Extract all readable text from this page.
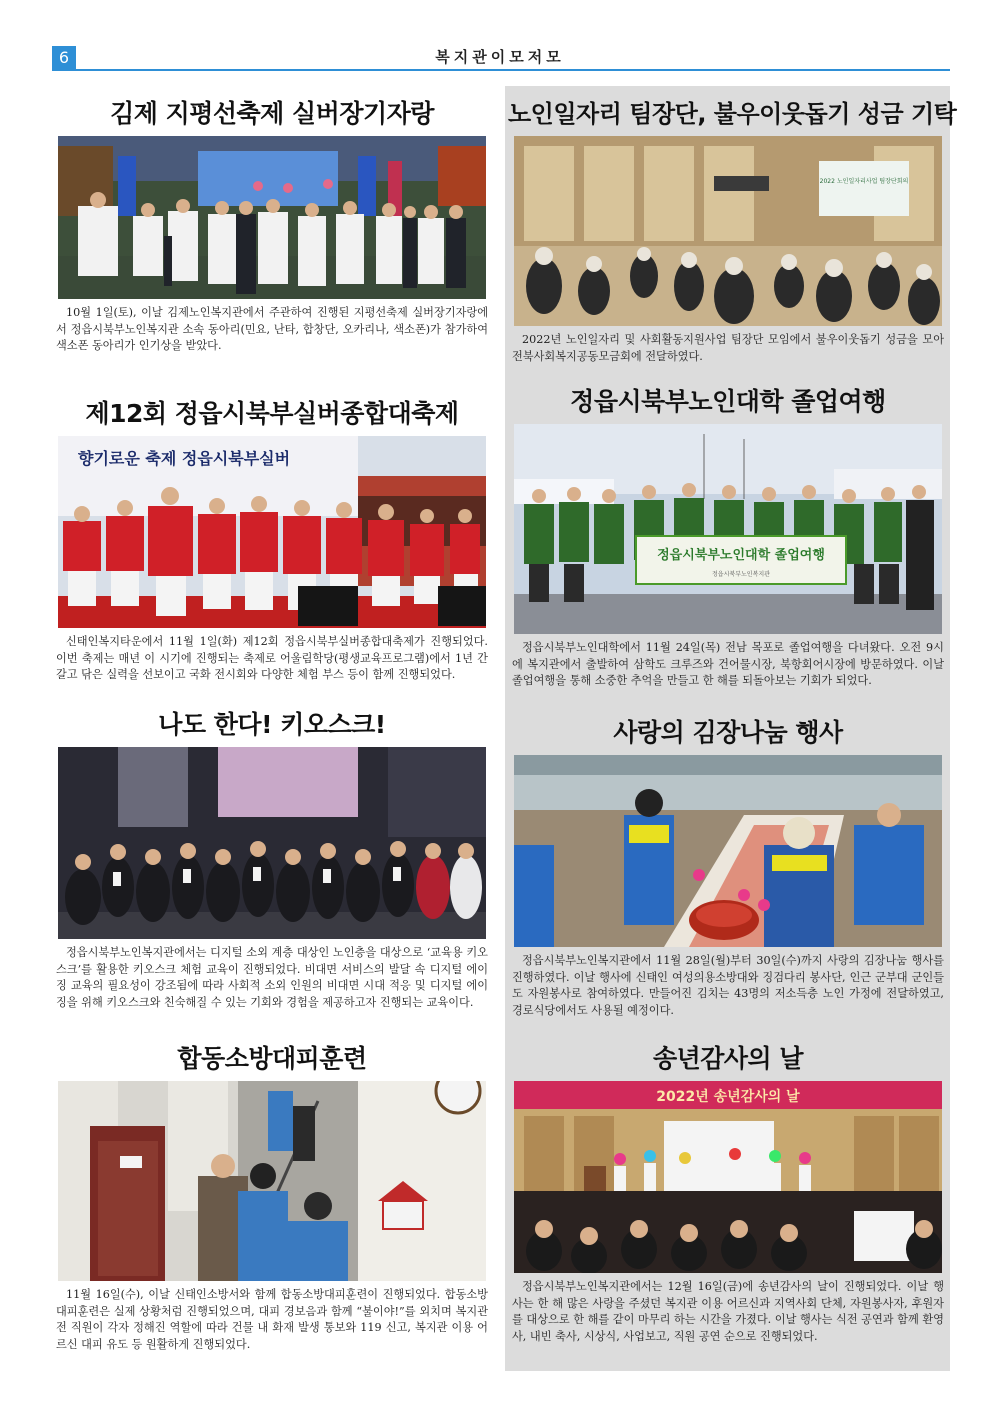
6	복지관이모저모
김제 지평선축제 실버장기자랑

10월 1일(토), 이날 김제노인복지관에서 주관하여 진행된 지평선축제 실버장기자랑에서 정읍시북부노인복지관 소속 동아리(민요, 난타, 합창단, 오카리나, 색소폰)가 참가하여 색소폰 동아리가 인기상을 받았다.

노인일자리 팀장단, 불우이웃돕기 성금 기탁
2022 노인일자리사업 팀장단회의

2022년 노인일자리 및 사회활동지원사업 팀장단 모임에서 불우이웃돕기 성금을 모아 전북사회복지공동모금회에 전달하였다.

제12회 정읍시북부실버종합대축제
향기로운 축제 정읍시북부실버

신태인복지타운에서 11월 1일(화) 제12회 정읍시북부실버종합대축제가 진행되었다. 이번 축제는 매년 이 시기에 진행되는 축제로 어울림학당(평생교육프로그램)에서 1년 간 갈고 닦은 실력을 선보이고 국화 전시회와 다양한 체험 부스 등이 함께 진행되었다.

정읍시북부노인대학 졸업여행
정읍시북부노인대학 졸업여행
정읍시북부노인복지관

정읍시북부노인대학에서 11월 24일(목) 전남 목포로 졸업여행을 다녀왔다. 오전 9시에 복지관에서 출발하여 삼학도 크루즈와 건어물시장, 북항회어시장에 방문하였다. 이날 졸업여행을 통해 소중한 추억을 만들고 한 해를 되돌아보는 기회가 되었다.

나도 한다! 키오스크!

정읍시북부노인복지관에서는 디지털 소외 계층 대상인 노인층을 대상으로 ‘교육용 키오스크’를 활용한 키오스크 체험 교육이 진행되었다. 비대면 서비스의 발달 속 디지털 에이징 교육의 필요성이 강조됨에 따라 사회적 소외 인원의 비대면 시대 적응 및 디지털 에이징을 위해 키오스크와 친숙해질 수 있는 기회와 경험을 제공하고자 진행되는 교육이다.

사랑의 김장나눔 행사

정읍시북부노인복지관에서 11월 28일(월)부터 30일(수)까지 사랑의 김장나눔 행사를 진행하였다. 이날 행사에 신태인 여성의용소방대와 징검다리 봉사단, 인근 군부대 군인들도 자원봉사로 참여하였다. 만들어진 김치는 43명의 저소득층 노인 가정에 전달하였고, 경로식당에서도 사용될 예정이다.

합동소방대피훈련

11월 16일(수), 이날 신태인소방서와 함께 합동소방대피훈련이 진행되었다. 합동소방대피훈련은 실제 상황처럼 진행되었으며, 대피 경보음과 함께 “불이야!”를 외치며 복지관 전 직원이 각자 정해진 역할에 따라 건물 내 화재 발생 통보와 119 신고, 복지관 이용 어르신 대피 유도 등 원활하게 진행되었다.

송년감사의 날
2022년 송년감사의 날

정읍시북부노인복지관에서는 12월 16일(금)에 송년감사의 날이 진행되었다. 이날 행사는 한 해 많은 사랑을 주셨던 복지관 이용 어르신과 지역사회 단체, 자원봉사자, 후원자를 대상으로 한 해를 같이 마무리 하는 시간을 가졌다. 이날 행사는 식전 공연과 함께 환영사, 내빈 축사, 시상식, 사업보고, 직원 공연 순으로 진행되었다.
